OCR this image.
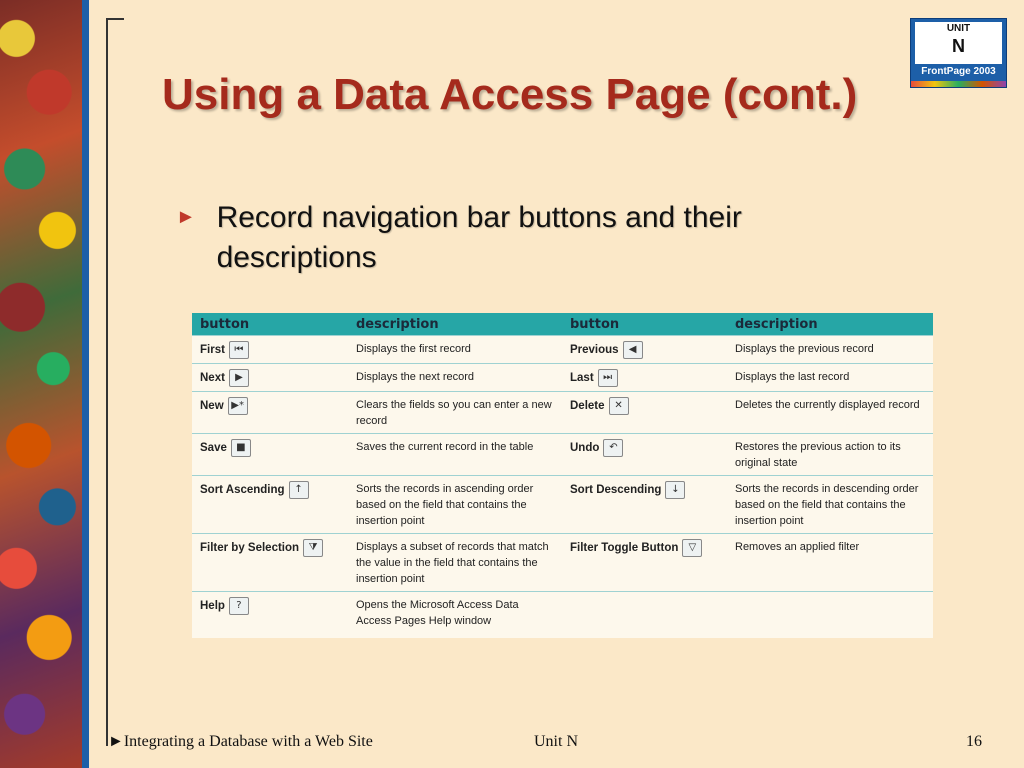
UNIT
N
FrontPage 2003
Using a Data Access Page (cont.)
► Record navigation bar buttons and their descriptions
button	description	button	description

First ⏮	Displays the first record	Previous ◀	Displays the previous record

Next ▶	Displays the next record	Last ⏭	Displays the last record

New ▶*	Clears the fields so you can enter a new record	Delete ✕	Deletes the currently displayed record

Save ■	Saves the current record in the table	Undo ↶	Restores the previous action to its original state

Sort Ascending ↑	Sorts the records in ascending order based on the field that contains the insertion point	Sort Descending ↓	Sorts the records in descending order based on the field that contains the insertion point

Filter by Selection ⧩	Displays a subset of records that match the value in the field that contains the insertion point	Filter Toggle Button ▽	Removes an applied filter

Help ?	Opens the Microsoft Access Data Access Pages Help window	

►Integrating a Database with a Web Site	Unit N	16
